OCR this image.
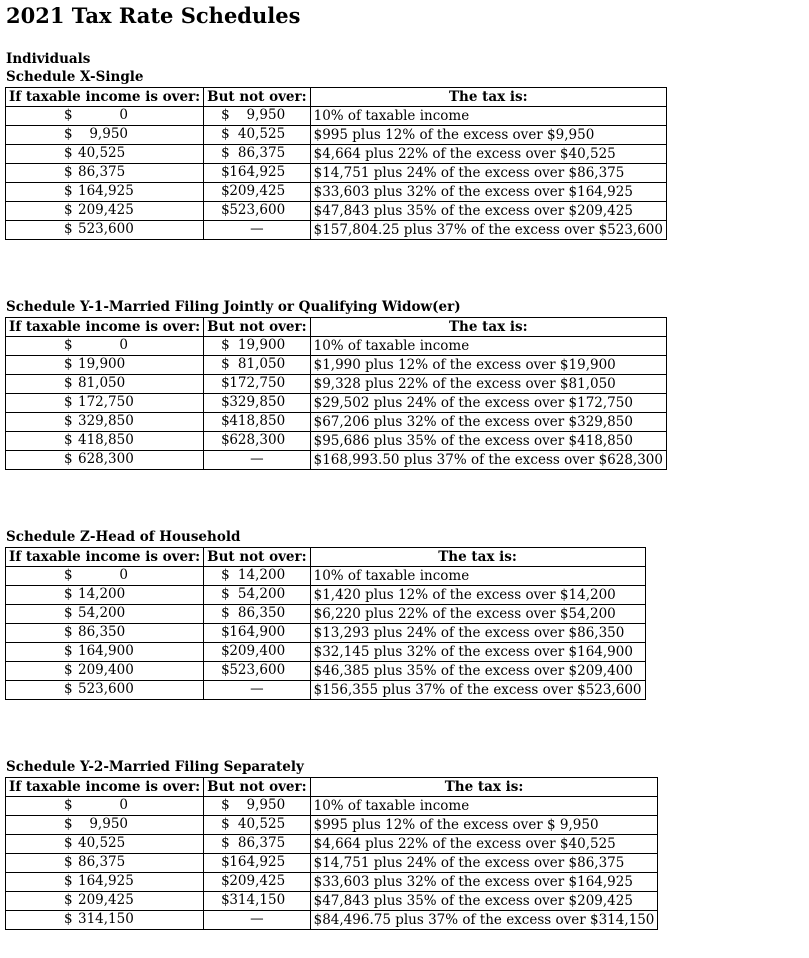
2021 Tax Rate Schedules
Individuals
Schedule X-Single
If taxable income is over:	But not over:	The tax is:

$ 0	$ 9,950	10% of taxable income

$ 9,950	$ 40,525	$995 plus 12% of the excess over $9,950

$ 40,525	$ 86,375	$4,664 plus 22% of the excess over $40,525

$ 86,375	$ 164,925	$14,751 plus 24% of the excess over $86,375

$ 164,925	$ 209,425	$33,603 plus 32% of the excess over $164,925

$ 209,425	$ 523,600	$47,843 plus 35% of the excess over $209,425

$ 523,600	—	$157,804.25 plus 37% of the excess over $523,600
Schedule Y-1-Married Filing Jointly or Qualifying Widow(er)
If taxable income is over:	But not over:	The tax is:

$ 0	$ 19,900	10% of taxable income

$ 19,900	$ 81,050	$1,990 plus 12% of the excess over $19,900

$ 81,050	$ 172,750	$9,328 plus 22% of the excess over $81,050

$ 172,750	$ 329,850	$29,502 plus 24% of the excess over $172,750

$ 329,850	$ 418,850	$67,206 plus 32% of the excess over $329,850

$ 418,850	$ 628,300	$95,686 plus 35% of the excess over $418,850

$ 628,300	—	$168,993.50 plus 37% of the excess over $628,300
Schedule Z-Head of Household
If taxable income is over:	But not over:	The tax is:

$ 0	$ 14,200	10% of taxable income

$ 14,200	$ 54,200	$1,420 plus 12% of the excess over $14,200

$ 54,200	$ 86,350	$6,220 plus 22% of the excess over $54,200

$ 86,350	$ 164,900	$13,293 plus 24% of the excess over $86,350

$ 164,900	$ 209,400	$32,145 plus 32% of the excess over $164,900

$ 209,400	$ 523,600	$46,385 plus 35% of the excess over $209,400

$ 523,600	—	$156,355 plus 37% of the excess over $523,600
Schedule Y-2-Married Filing Separately
If taxable income is over:	But not over:	The tax is:

$ 0	$ 9,950	10% of taxable income

$ 9,950	$ 40,525	$995 plus 12% of the excess over $ 9,950

$ 40,525	$ 86,375	$4,664 plus 22% of the excess over $40,525

$ 86,375	$ 164,925	$14,751 plus 24% of the excess over $86,375

$ 164,925	$ 209,425	$33,603 plus 32% of the excess over $164,925

$ 209,425	$ 314,150	$47,843 plus 35% of the excess over $209,425

$ 314,150	—	$84,496.75 plus 37% of the excess over $314,150
